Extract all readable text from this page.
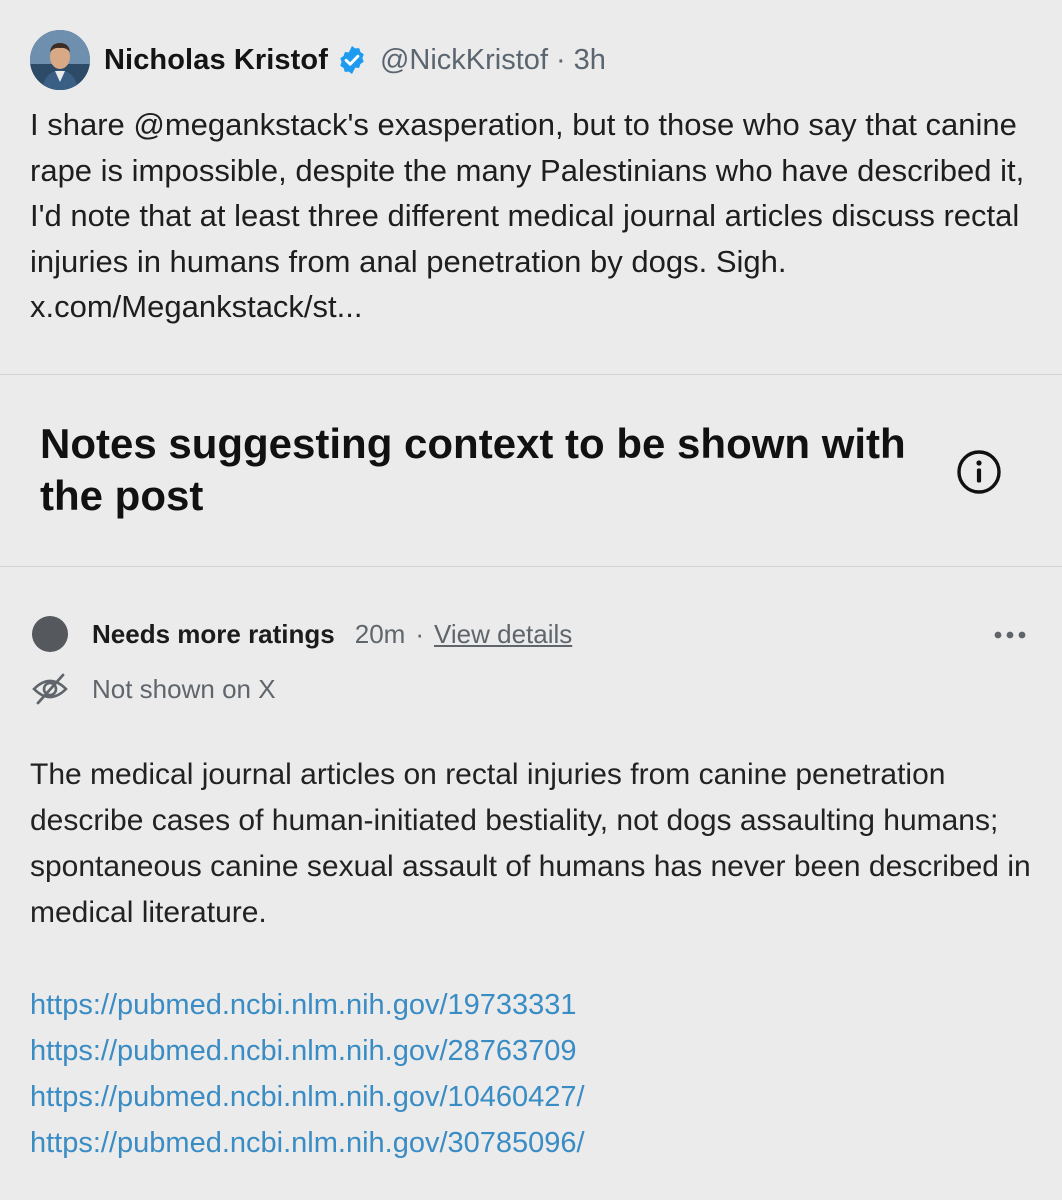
Nicholas Kristof @NickKristof · 3h

I share @megankstack's exasperation, but to those who say that canine rape is impossible, despite the many Palestinians who have described it, I'd note that at least three different medical journal articles discuss rectal injuries in humans from anal penetration by dogs. Sigh. x.com/Megankstack/st...

Notes suggesting context to be shown with the post
Needs more ratings 20m · View details
Not shown on X

The medical journal articles on rectal injuries from canine penetration describe cases of human-initiated bestiality, not dogs assaulting humans; spontaneous canine sexual assault of humans has never been described in medical literature.

https://pubmed.ncbi.nlm.nih.gov/19733331
https://pubmed.ncbi.nlm.nih.gov/28763709
https://pubmed.ncbi.nlm.nih.gov/10460427/
https://pubmed.ncbi.nlm.nih.gov/30785096/
